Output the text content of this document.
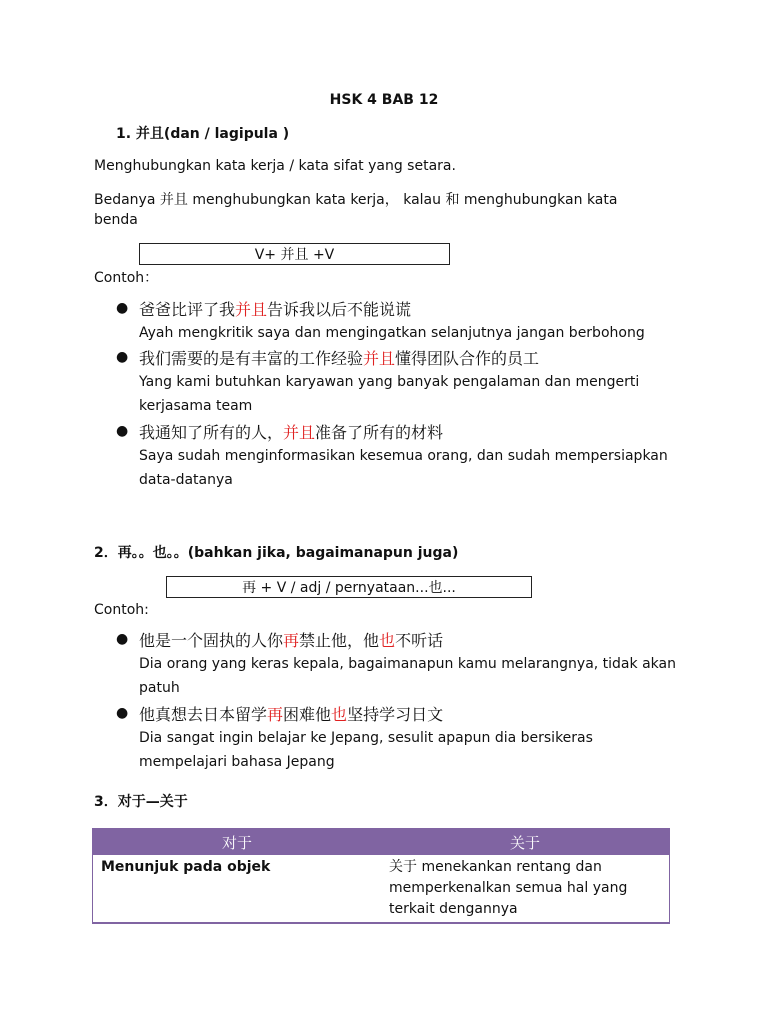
HSK 4 BAB 12
1. 并且(dan / lagipula )
Menghubungkan kata kerja / kata sifat yang setara.
Bedanya 并且 menghubungkan kata kerja， kalau 和 menghubungkan kata
benda
V+ 并且 +V
Contoh：
● 爸爸比评了我并且告诉我以后不能说谎
Ayah mengkritik saya dan mengingatkan selanjutnya jangan berbohong
● 我们需要的是有丰富的工作经验并且懂得团队合作的员工
Yang kami butuhkan karyawan yang banyak pengalaman dan mengerti kerjasama team
● 我通知了所有的人，并且准备了所有的材料
Saya sudah menginformasikan kesemua orang, dan sudah mempersiapkan data-datanya
2．再。。也。。(bahkan jika, bagaimanapun juga)
再 + V / adj / pernyataan...也...
Contoh:
● 他是一个固执的人你再禁止他，他也不听话
Dia orang yang keras kepala, bagaimanapun kamu melarangnya, tidak akan patuh
● 他真想去日本留学再困难他也坚持学习日文
Dia sangat ingin belajar ke Jepang, sesulit apapun dia bersikeras mempelajari bahasa Jepang
3．对于—关于
对于	关于
Menunjuk pada objek	关于 menekankan rentang dan memperkenalkan semua hal yang terkait dengannya
